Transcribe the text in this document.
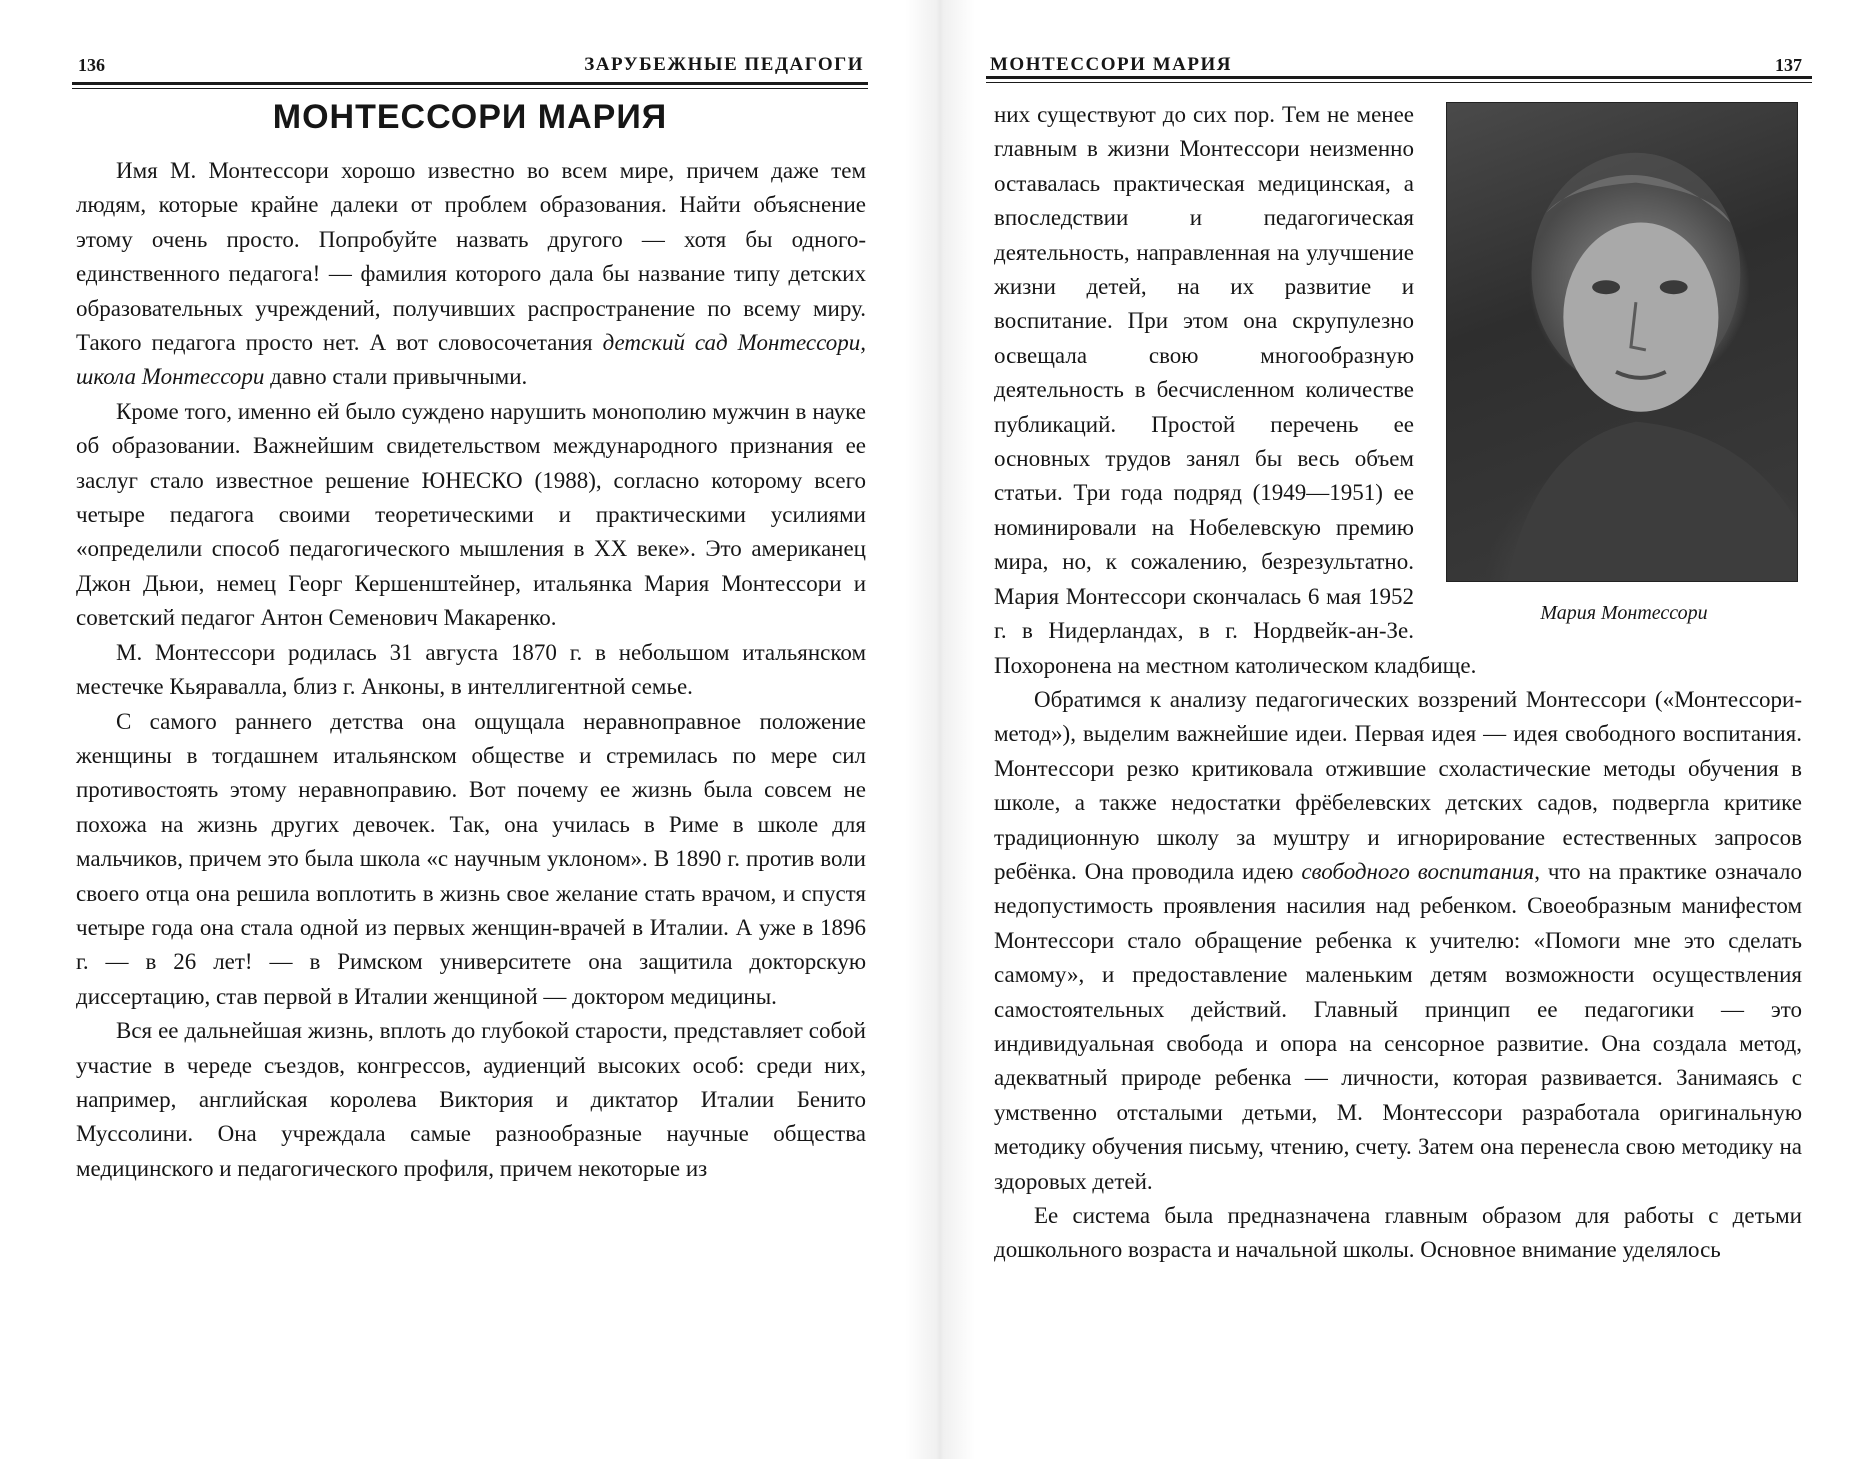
136	ЗАРУБЕЖНЫЕ ПЕДАГОГИ
МОНТЕССОРИ МАРИЯ

Имя М. Монтессори хорошо известно во всем мире, причем даже тем людям, которые крайне далеки от проблем образования. Найти объяснение этому очень просто. Попробуйте назвать другого — хотя бы одного-единственного педагога! — фамилия которого дала бы название типу детских образовательных учреждений, получивших распространение по всему миру. Такого педагога просто нет. А вот словосочетания детский сад Монтессори, школа Монтессори давно стали привычными.

Кроме того, именно ей было суждено нарушить монополию мужчин в науке об образовании. Важнейшим свидетельством международного признания ее заслуг стало известное решение ЮНЕСКО (1988), согласно которому всего четыре педагога своими теоретическими и практическими усилиями «определили способ педагогического мышления в XX веке». Это американец Джон Дьюи, немец Георг Кершенштейнер, итальянка Мария Монтессори и советский педагог Антон Семенович Макаренко.

М. Монтессори родилась 31 августа 1870 г. в небольшом итальянском местечке Кьяравалла, близ г. Анконы, в интеллигентной семье.

С самого раннего детства она ощущала неравноправное положение женщины в тогдашнем итальянском обществе и стремилась по мере сил противостоять этому неравноправию. Вот почему ее жизнь была совсем не похожа на жизнь других девочек. Так, она училась в Риме в школе для мальчиков, причем это была школа «с научным уклоном». В 1890 г. против воли своего отца она решила воплотить в жизнь свое желание стать врачом, и спустя четыре года она стала одной из первых женщин-врачей в Италии. А уже в 1896 г. — в 26 лет! — в Римском университете она защитила докторскую диссертацию, став первой в Италии женщиной — доктором медицины.

Вся ее дальнейшая жизнь, вплоть до глубокой старости, представляет собой участие в череде съездов, конгрессов, аудиенций высоких особ: среди них, например, английская королева Виктория и диктатор Италии Бенито Муссолини. Она учреждала самые разнообразные научные общества медицинского и педагогического профиля, причем некоторые из

МОНТЕССОРИ МАРИЯ	137
Мария Монтессори

них существуют до сих пор. Тем не менее главным в жизни Монтессори неизменно оставалась практическая медицинская, а впоследствии и педагогическая деятельность, направленная на улучшение жизни детей, на их развитие и воспитание. При этом она скрупулезно освещала свою многообразную деятельность в бесчисленном количестве публикаций. Простой перечень ее основных трудов занял бы весь объем статьи. Три года подряд (1949—1951) ее номинировали на Нобелевскую премию мира, но, к сожалению, безрезультатно. Мария Монтессори скончалась 6 мая 1952 г. в Нидерландах, в г. Нордвейк-ан-Зе. Похоронена на местном католическом кладбище.

Обратимся к анализу педагогических воззрений Монтессори («Монтессори-метод»), выделим важнейшие идеи. Первая идея — идея свободного воспитания. Монтессори резко критиковала отжившие схоластические методы обучения в школе, а также недостатки фрёбелевских детских садов, подвергла критике традиционную школу за муштру и игнорирование естественных запросов ребёнка. Она проводила идею свободного воспитания, что на практике означало недопустимость проявления насилия над ребенком. Своеобразным манифестом Монтессори стало обращение ребенка к учителю: «Помоги мне это сделать самому», и предоставление маленьким детям возможности осуществления самостоятельных действий. Главный принцип ее педагогики — это индивидуальная свобода и опора на сенсорное развитие. Она создала метод, адекватный природе ребенка — личности, которая развивается. Занимаясь с умственно отсталыми детьми, М. Монтессори разработала оригинальную методику обучения письму, чтению, счету. Затем она перенесла свою методику на здоровых детей.

Ее система была предназначена главным образом для работы с детьми дошкольного возраста и начальной школы. Основное внимание уделялось
